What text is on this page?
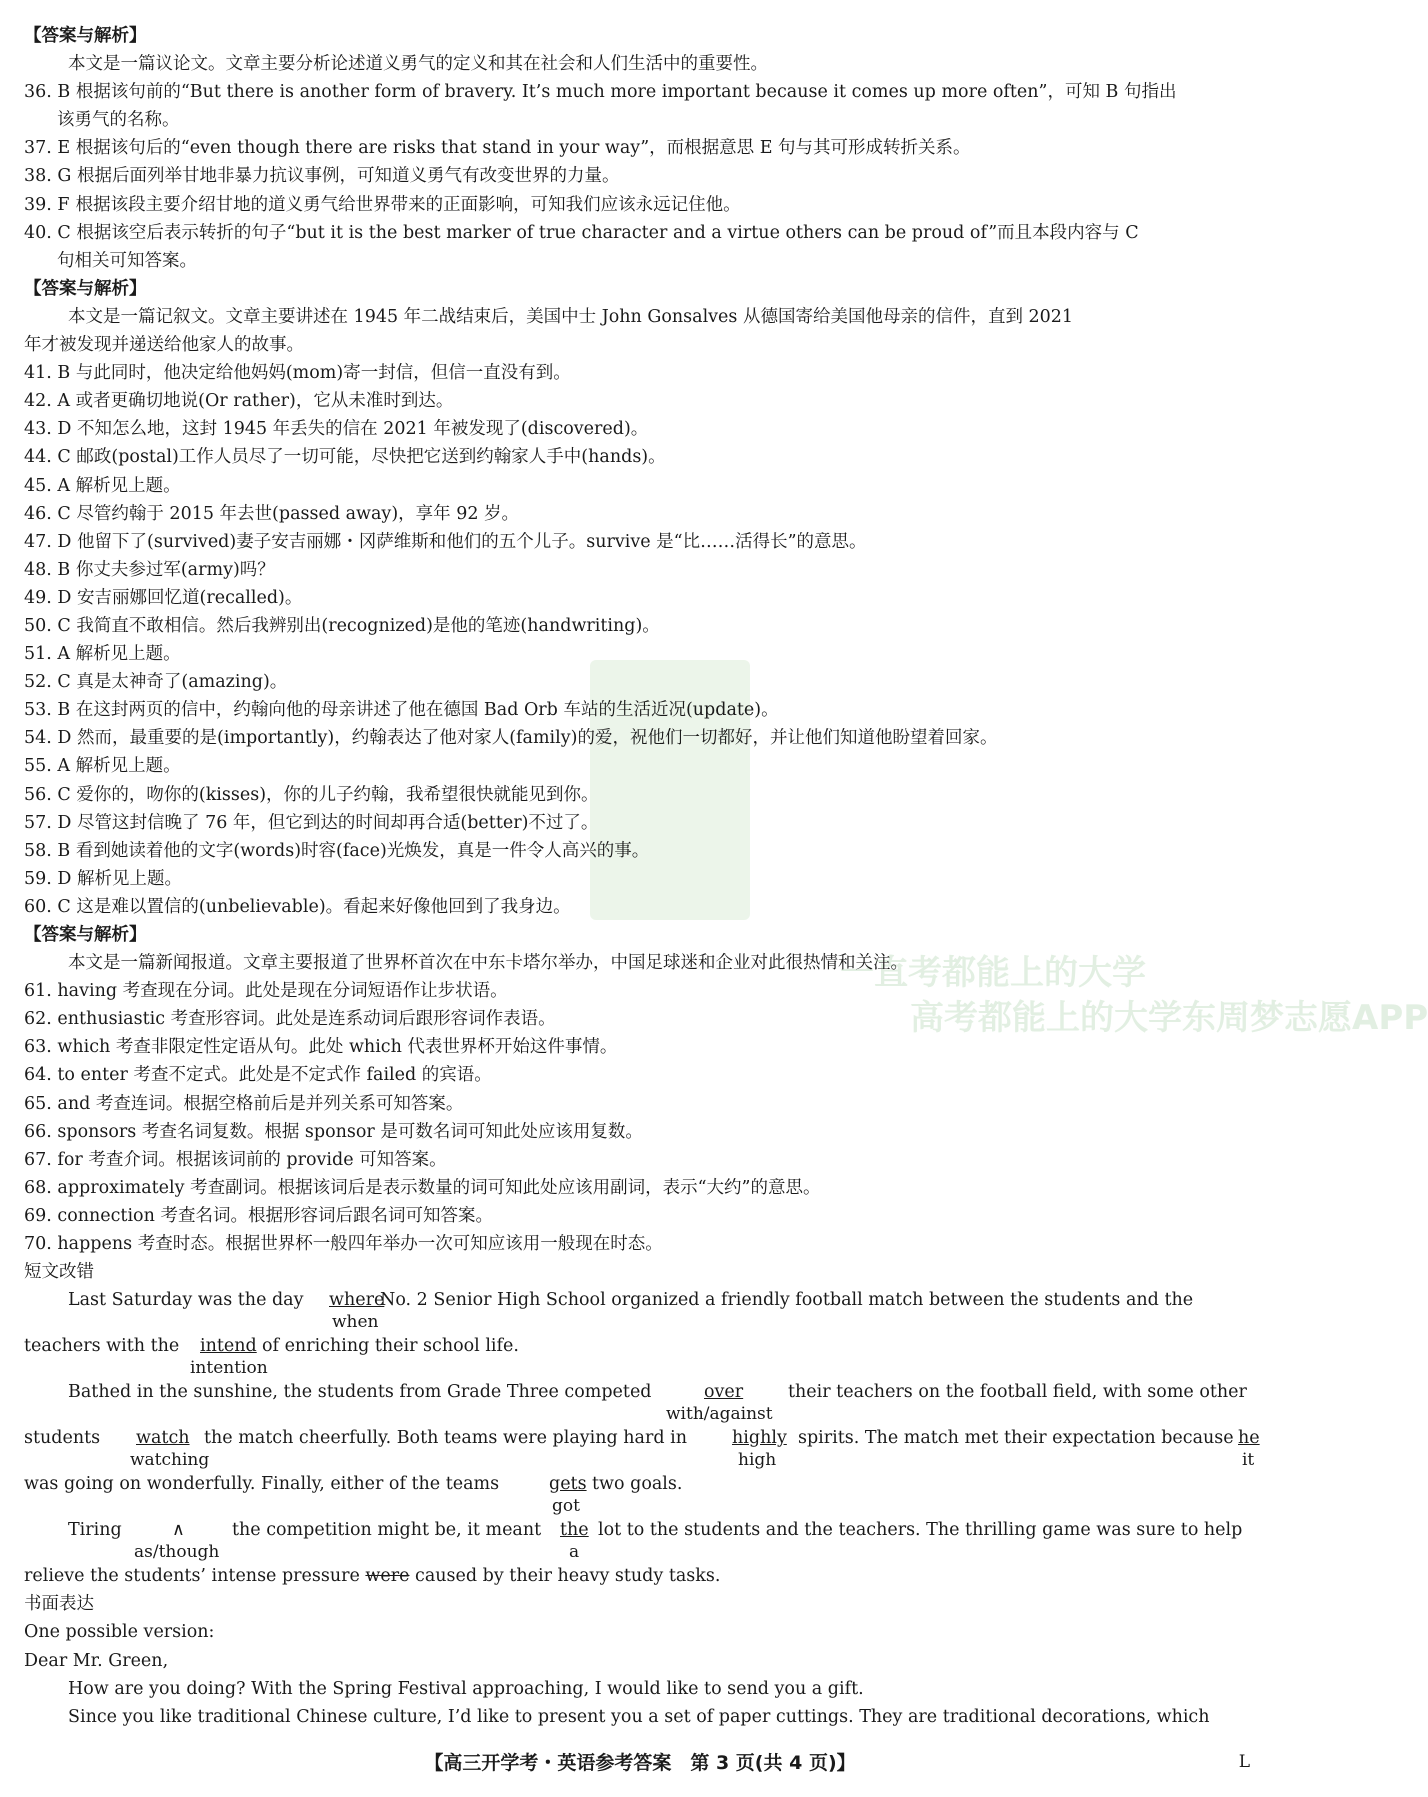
一直考都能上的大学
高考都能上的大学东周梦志愿APP
【答案与解析】
本文是一篇议论文。文章主要分析论述道义勇气的定义和其在社会和人们生活中的重要性。
36. B 根据该句前的“But there is another form of bravery. It’s much more important because it comes up more often”，可知 B 句指出
该勇气的名称。
37. E 根据该句后的“even though there are risks that stand in your way”，而根据意思 E 句与其可形成转折关系。
38. G 根据后面列举甘地非暴力抗议事例，可知道义勇气有改变世界的力量。
39. F 根据该段主要介绍甘地的道义勇气给世界带来的正面影响，可知我们应该永远记住他。
40. C 根据该空后表示转折的句子“but it is the best marker of true character and a virtue others can be proud of”而且本段内容与 C
句相关可知答案。
【答案与解析】
本文是一篇记叙文。文章主要讲述在 1945 年二战结束后，美国中士 John Gonsalves 从德国寄给美国他母亲的信件，直到 2021
年才被发现并递送给他家人的故事。
41. B 与此同时，他决定给他妈妈(mom)寄一封信，但信一直没有到。
42. A 或者更确切地说(Or rather)，它从未准时到达。
43. D 不知怎么地，这封 1945 年丢失的信在 2021 年被发现了(discovered)。
44. C 邮政(postal)工作人员尽了一切可能，尽快把它送到约翰家人手中(hands)。
45. A 解析见上题。
46. C 尽管约翰于 2015 年去世(passed away)，享年 92 岁。
47. D 他留下了(survived)妻子安吉丽娜・冈萨维斯和他们的五个儿子。survive 是“比……活得长”的意思。
48. B 你丈夫参过军(army)吗？
49. D 安吉丽娜回忆道(recalled)。
50. C 我简直不敢相信。然后我辨别出(recognized)是他的笔迹(handwriting)。
51. A 解析见上题。
52. C 真是太神奇了(amazing)。
53. B 在这封两页的信中，约翰向他的母亲讲述了他在德国 Bad Orb 车站的生活近况(update)。
54. D 然而，最重要的是(importantly)，约翰表达了他对家人(family)的爱，祝他们一切都好，并让他们知道他盼望着回家。
55. A 解析见上题。
56. C 爱你的，吻你的(kisses)，你的儿子约翰，我希望很快就能见到你。
57. D 尽管这封信晚了 76 年，但它到达的时间却再合适(better)不过了。
58. B 看到她读着他的文字(words)时容(face)光焕发，真是一件令人高兴的事。
59. D 解析见上题。
60. C 这是难以置信的(unbelievable)。看起来好像他回到了我身边。
【答案与解析】
本文是一篇新闻报道。文章主要报道了世界杯首次在中东卡塔尔举办，中国足球迷和企业对此很热情和关注。
61. having 考查现在分词。此处是现在分词短语作让步状语。
62. enthusiastic 考查形容词。此处是连系动词后跟形容词作表语。
63. which 考查非限定性定语从句。此处 which 代表世界杯开始这件事情。
64. to enter 考查不定式。此处是不定式作 failed 的宾语。
65. and 考查连词。根据空格前后是并列关系可知答案。
66. sponsors 考查名词复数。根据 sponsor 是可数名词可知此处应该用复数。
67. for 考查介词。根据该词前的 provide 可知答案。
68. approximately 考查副词。根据该词后是表示数量的词可知此处应该用副词，表示“大约”的意思。
69. connection 考查名词。根据形容词后跟名词可知答案。
70. happens 考查时态。根据世界杯一般四年举办一次可知应该用一般现在时态。
短文改错
Last Saturday was the day where
when
No. 2 Senior High School organized a friendly football match between the students and the
teachers with the intend
intention
of enriching their school life.
Bathed in the sunshine, the students from Grade Three competed	over
with/against
their teachers on the football field, with some other
students watch
watching
the match cheerfully. Both teams were playing hard in	highly
high
spirits. The match met their expectation because he
it
was going on wonderfully. Finally, either of the teams	gets
got
two goals.
Tiring	∧
as/though
the competition might be, it meant the
a
lot to the students and the teachers. The thrilling game was sure to help
relieve the students’ intense pressure were caused by their heavy study tasks.
书面表达
One possible version:
Dear Mr. Green,
How are you doing? With the Spring Festival approaching, I would like to send you a gift.
Since you like traditional Chinese culture, I’d like to present you a set of paper cuttings. They are traditional decorations, which
【高三开学考・英语参考答案　第 3 页(共 4 页)】	L
